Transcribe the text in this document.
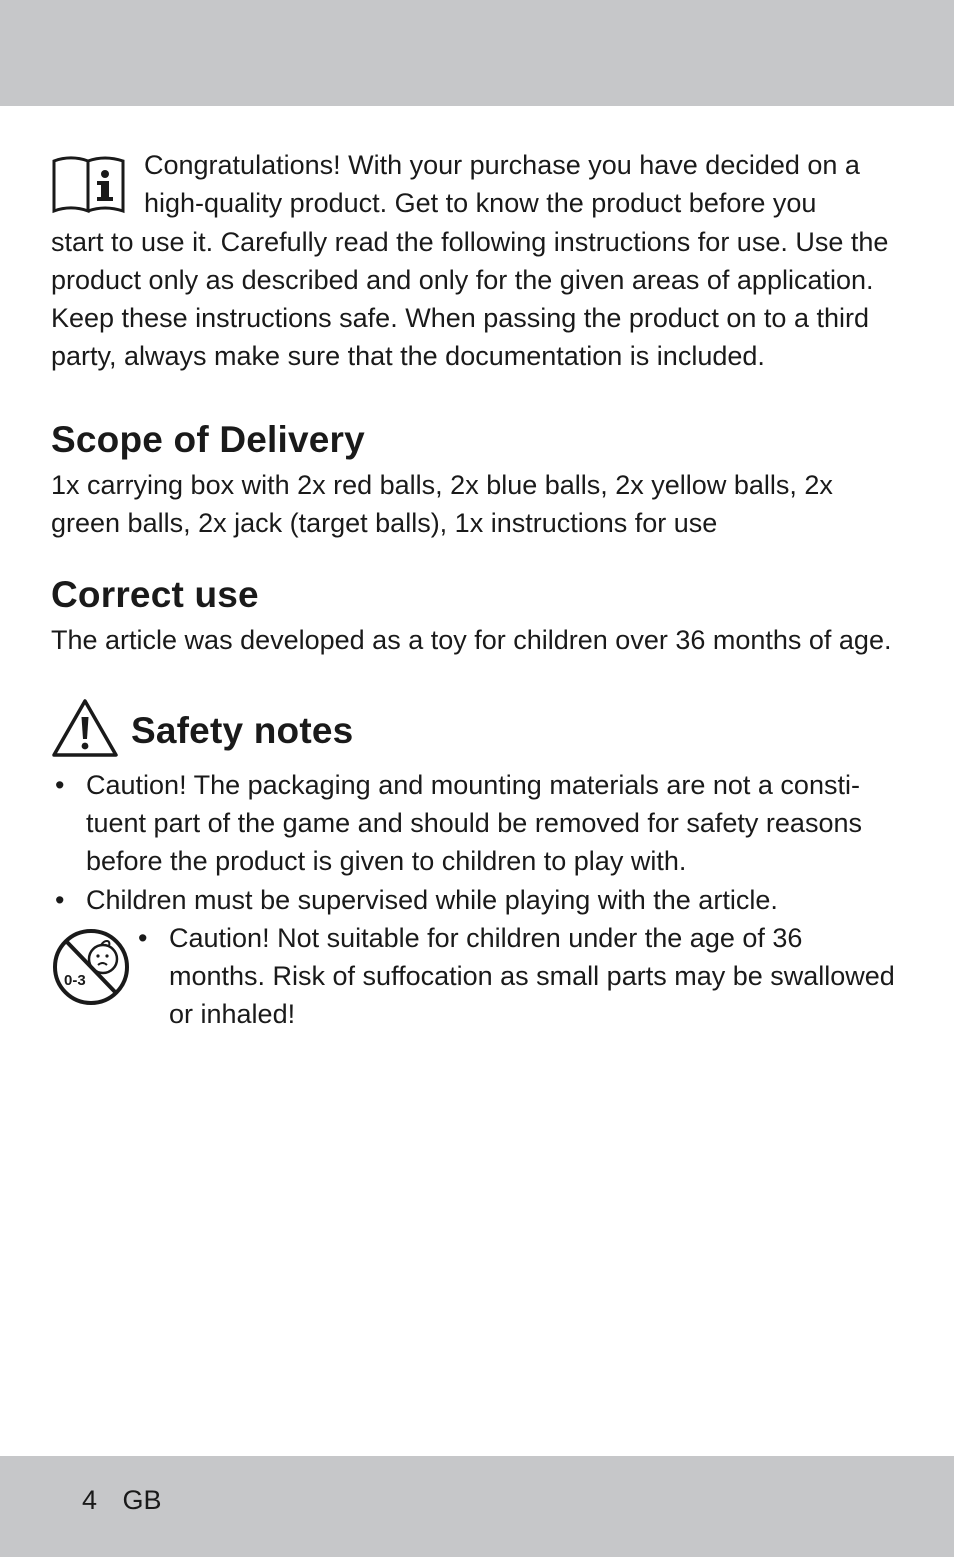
Congratulations! With your purchase you have decided on a high-quality product. Get to know the product before you

start to use it. Carefully read the following instructions for use. Use the product only as described and only for the given areas of application. Keep these instructions safe. When passing the product on to a third party, always make sure that the documentation is included.

Scope of Delivery

1x carrying box with 2x red balls, 2x blue balls, 2x yellow balls, 2x green balls, 2x jack (target balls), 1x instructions for use

Correct use

The article was developed as a toy for children over 36 months of age.

Safety notes
• Caution! The packaging and mounting materials are not a consti-tuent part of the game and should be removed for safety reasons before the product is given to children to play with.
• Children must be supervised while playing with the article.
0-3
• Caution! Not suitable for children under the age of 36 months. Risk of suffocation as small parts may be swallowed or inhaled!
4 GB
